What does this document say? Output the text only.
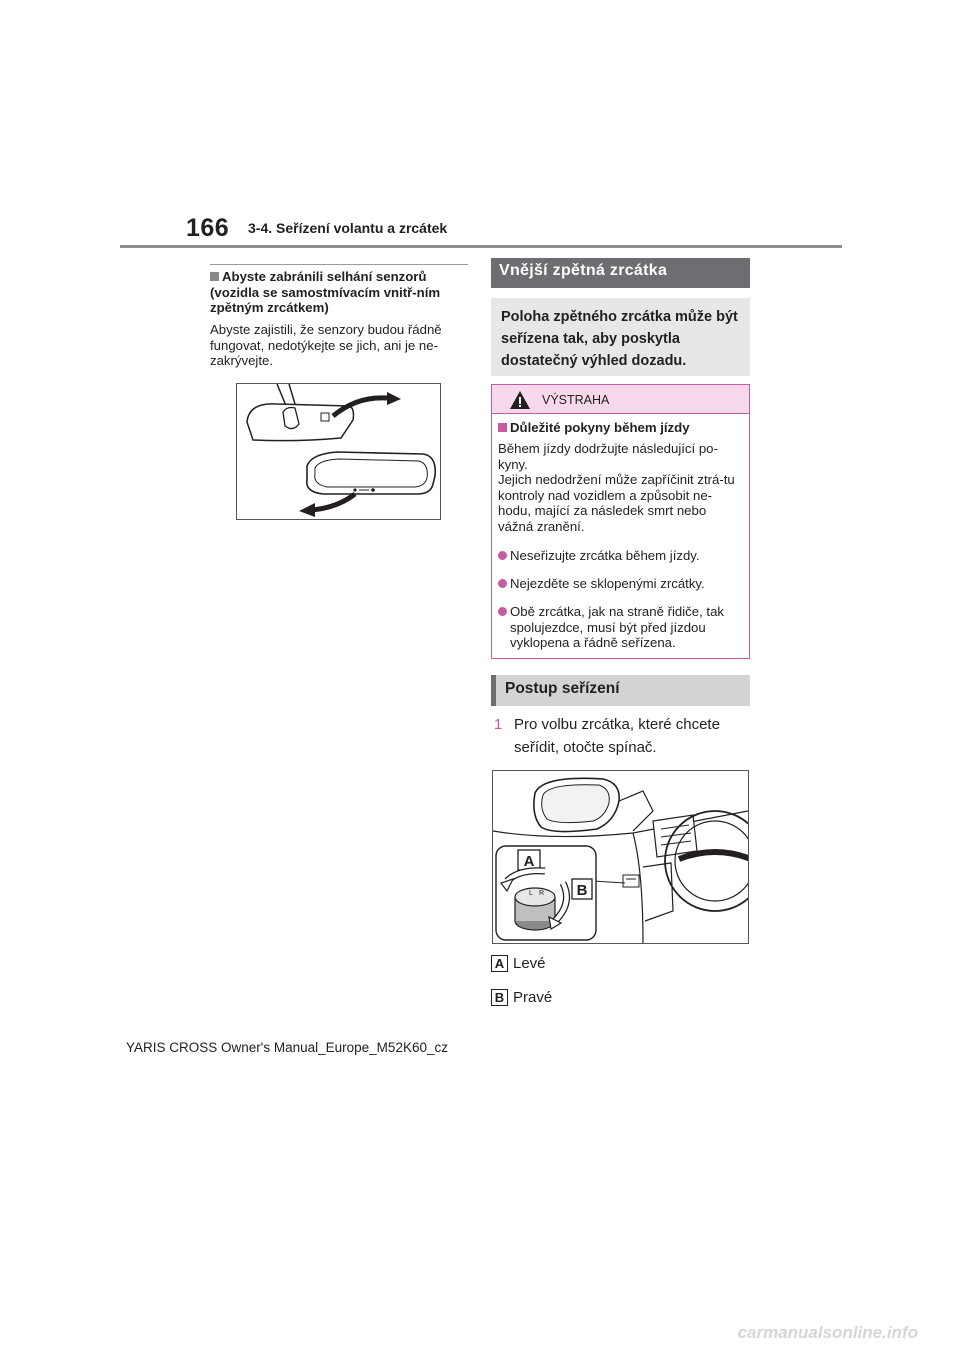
166 3-4. Seřízení volantu a zrcátek
Abyste zabránili selhání senzorů (vozidla se samostmívacím vnitř-ním zpětným zrcátkem)
Abyste zajistili, že senzory budou řádně fungovat, nedotýkejte se jich, ani je ne-zakrývejte.
Vnější zpětná zrcátka
Poloha zpětného zrcátka může být seřízena tak, aby poskytla dostatečný výhled dozadu.
VÝSTRAHA
Důležité pokyny během jízdy
Během jízdy dodržujte následující po-kyny.
Jejich nedodržení může zapříčinit ztrá-tu kontroly nad vozidlem a způsobit ne-hodu, mající za následek smrt nebo vážná zranění.
Neseřizujte zrcátka během jízdy.
Nejezděte se sklopenými zrcátky.
Obě zrcátka, jak na straně řidiče, tak spolujezdce, musí být před jízdou vyklopena a řádně seřízena.
Postup seřízení
1 Pro volbu zrcátka, které chcete seřídit, otočte spínač.
A
B
L R
A Levé
B Pravé
YARIS CROSS Owner's Manual_Europe_M52K60_cz
carmanualsonline.info
